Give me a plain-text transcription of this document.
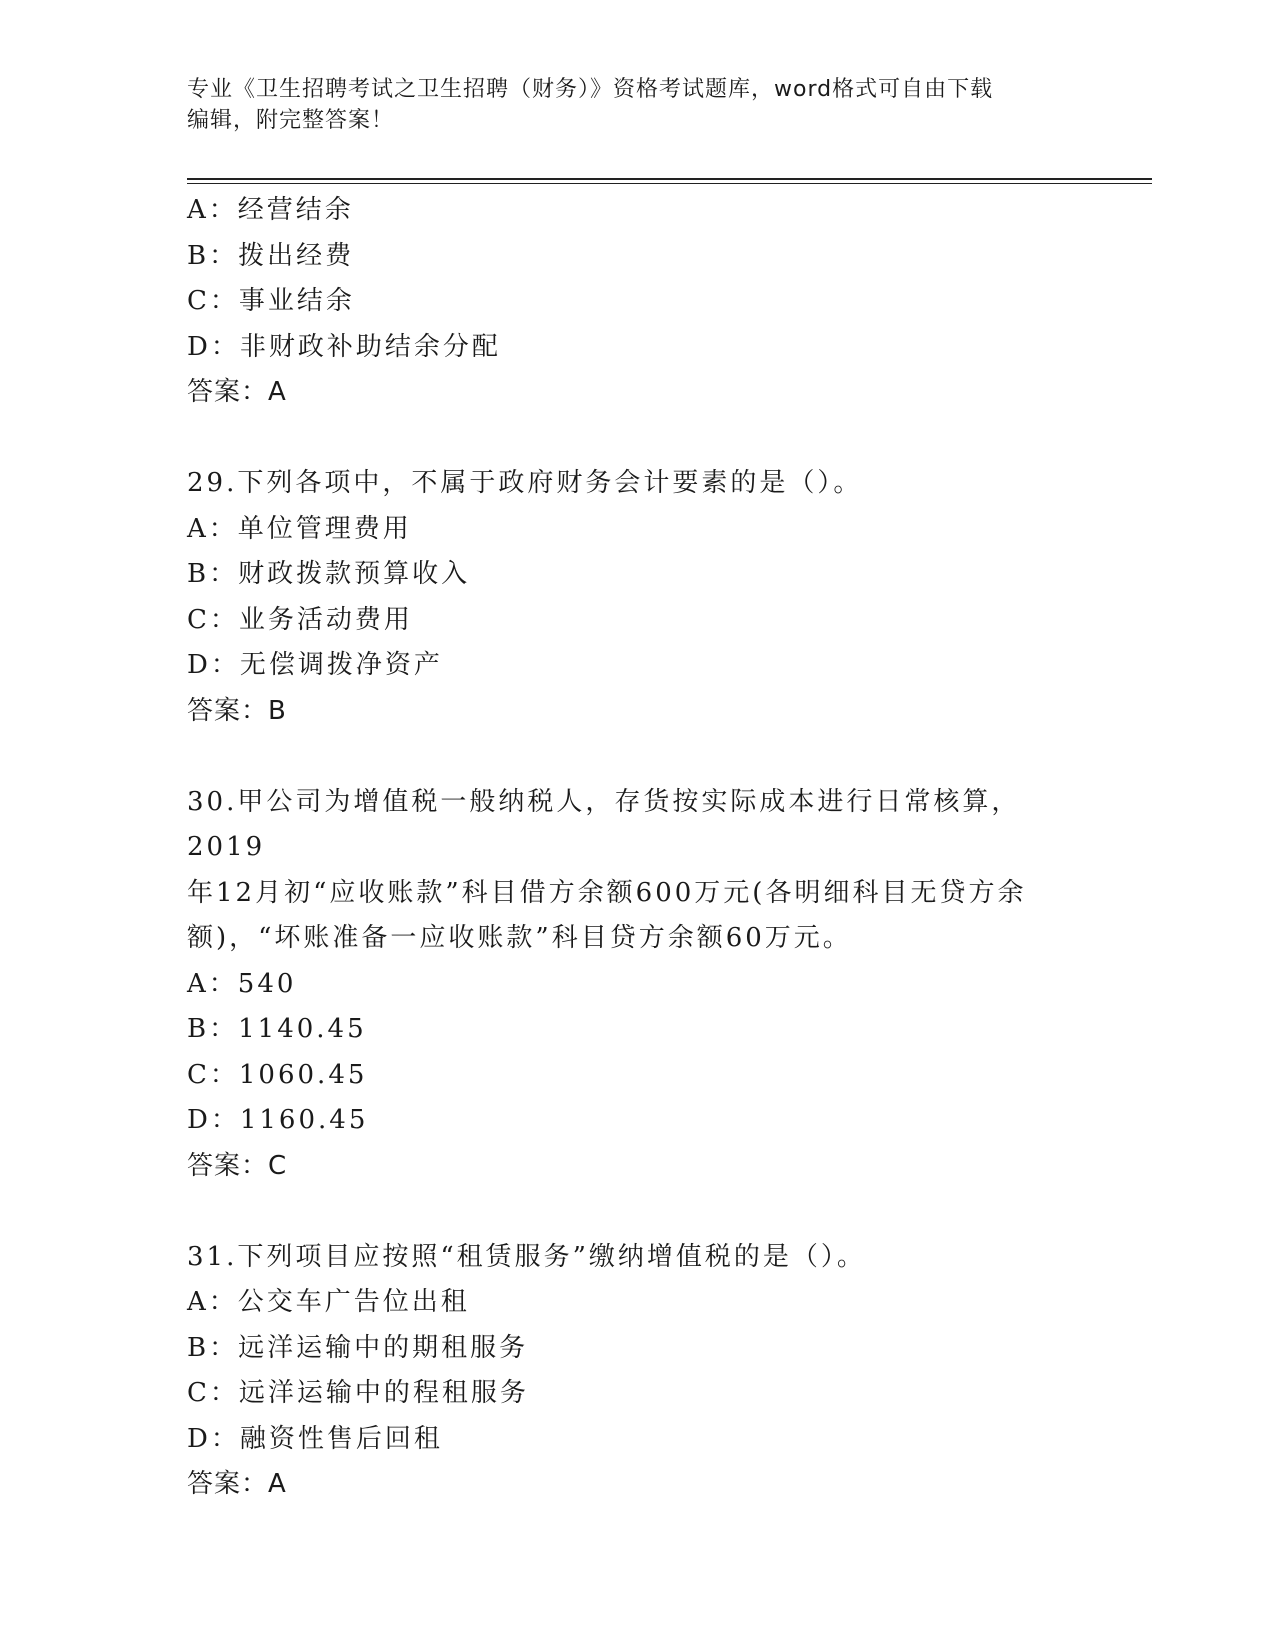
专业《卫生招聘考试之卫生招聘（财务）》资格考试题库，word格式可自由下载
编辑，附完整答案！
A：经营结余
B：拨出经费
C：事业结余
D：非财政补助结余分配
答案：A
29.下列各项中，不属于政府财务会计要素的是（）。
A：单位管理费用
B：财政拨款预算收入
C：业务活动费用
D：无偿调拨净资产
答案：B
30.甲公司为增值税一般纳税人，存货按实际成本进行日常核算，2019
年12月初“应收账款”科目借方余额600万元(各明细科目无贷方余
额)，“坏账准备一应收账款”科目贷方余额60万元。
A：540
B：1140.45
C：1060.45
D：1160.45
答案：C
31.下列项目应按照“租赁服务”缴纳增值税的是（）。
A：公交车广告位出租
B：远洋运输中的期租服务
C：远洋运输中的程租服务
D：融资性售后回租
答案：A
